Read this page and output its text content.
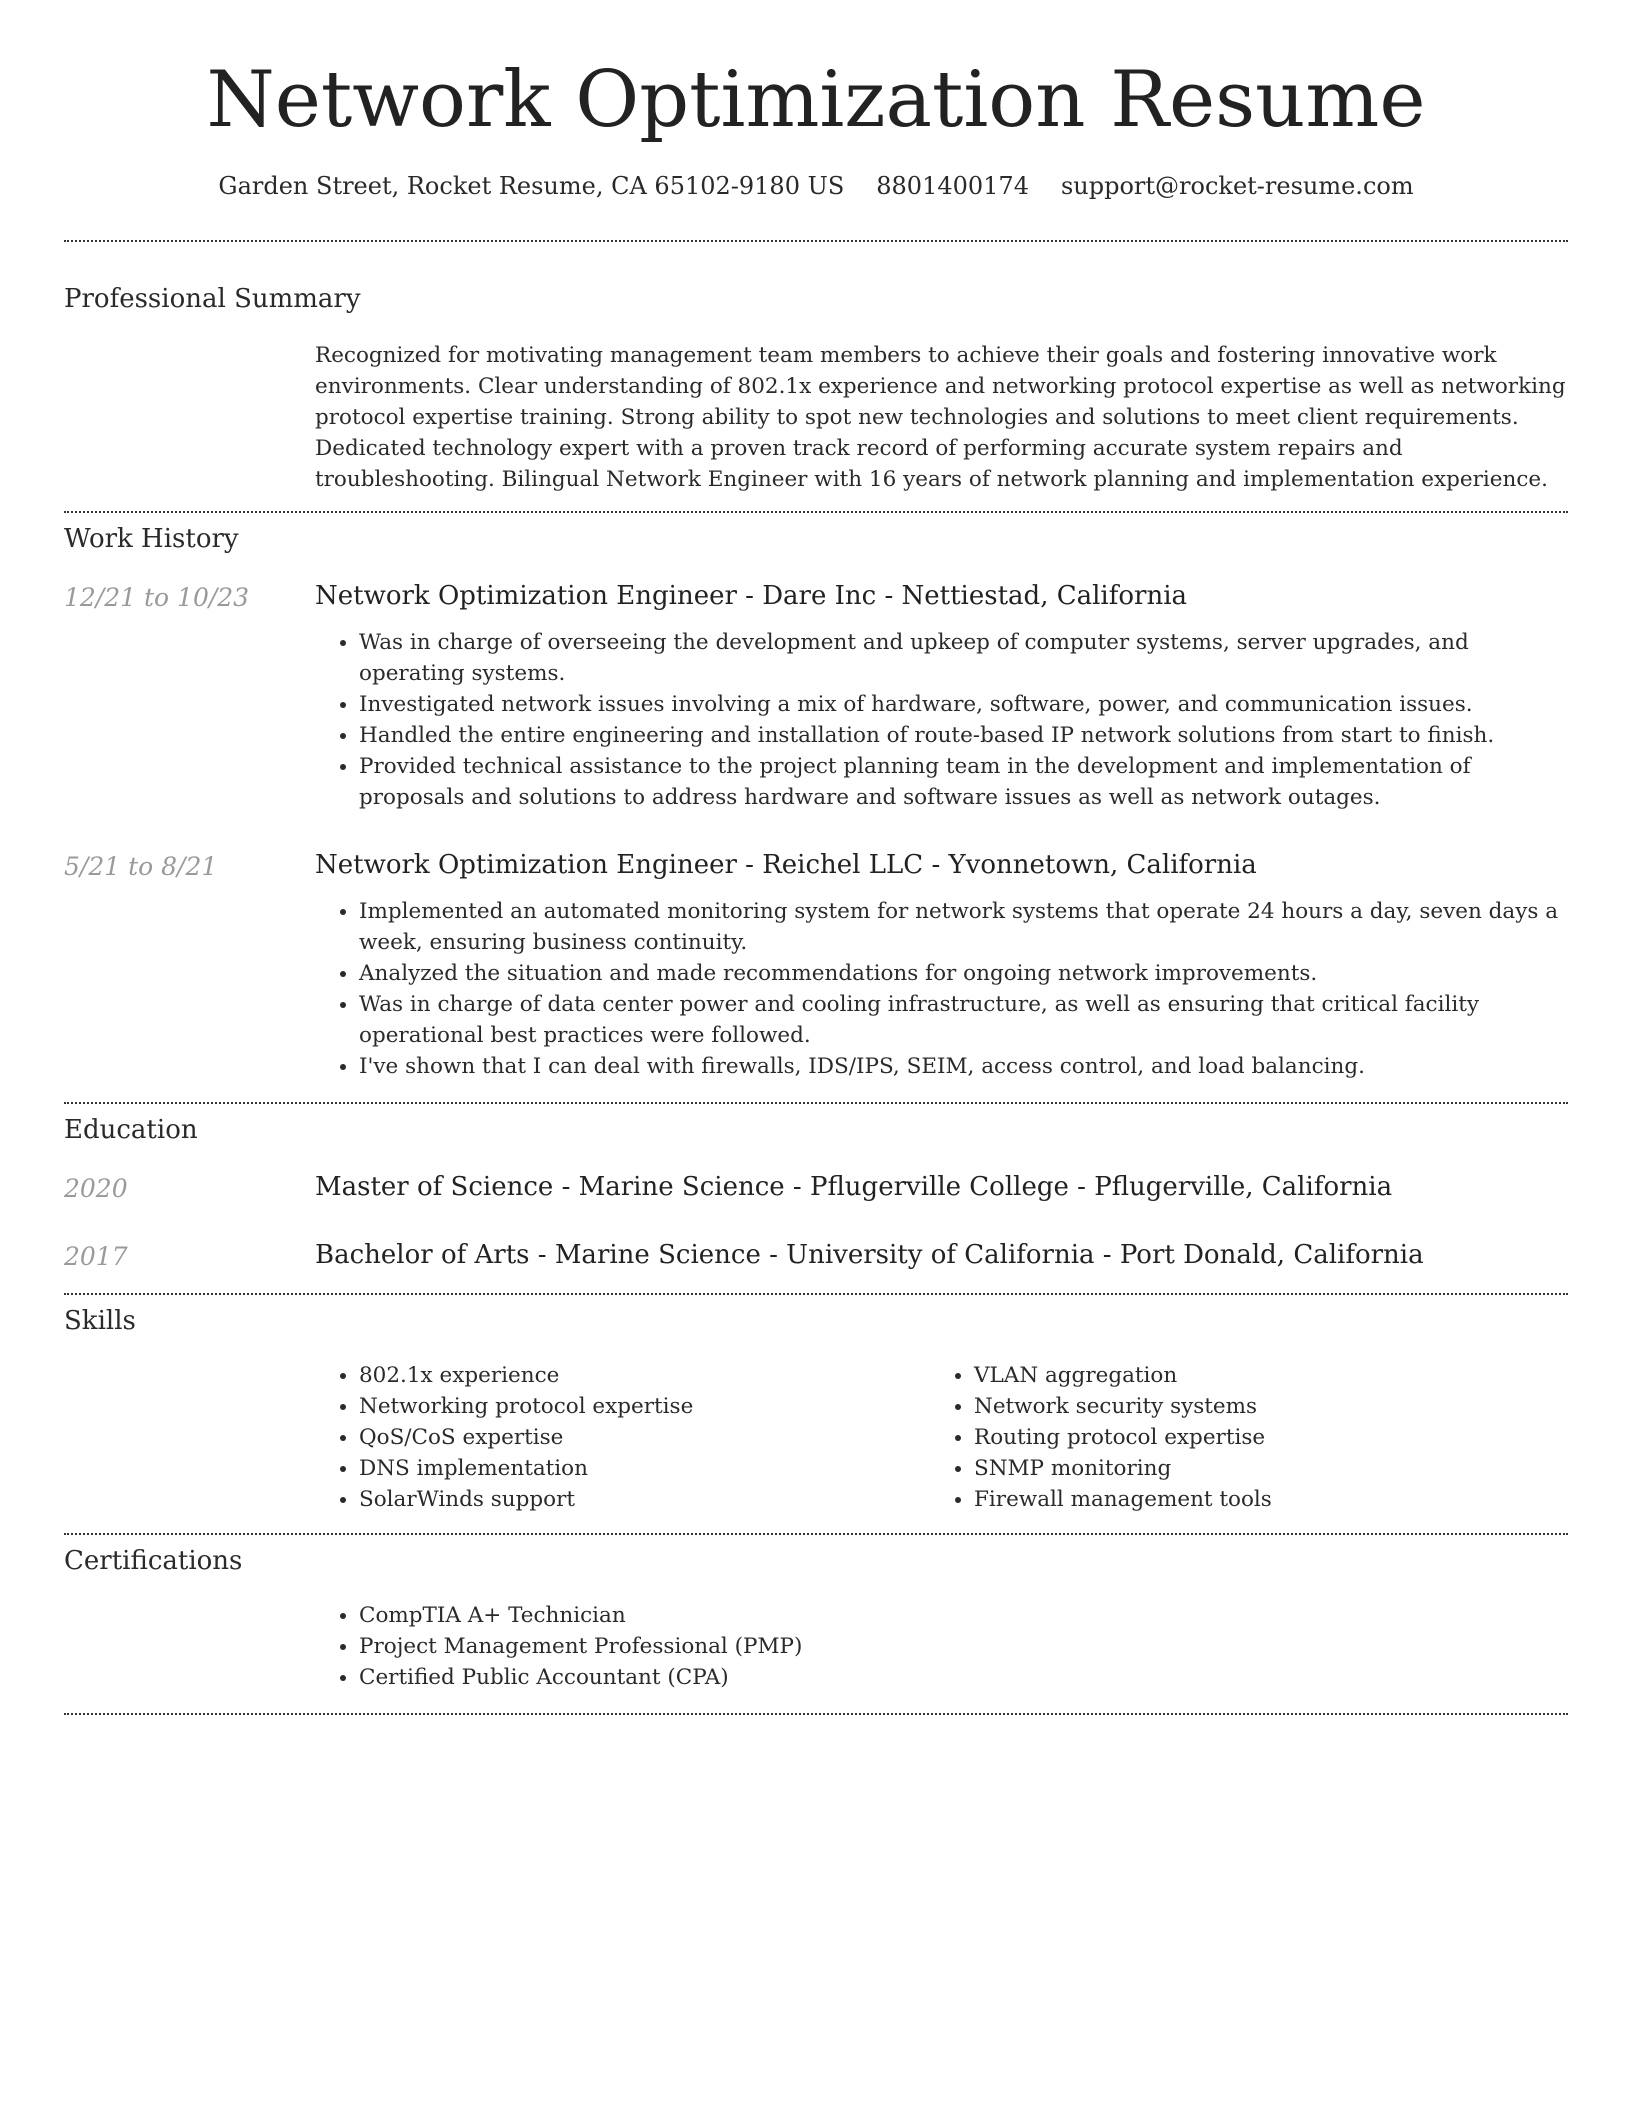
Network Optimization Resume
Garden Street, Rocket Resume, CA 65102-9180 US 8801400174 support@rocket-resume.com
Professional Summary

Recognized for motivating management team members to achieve their goals and fostering innovative work environments. Clear understanding of 802.1x experience and networking protocol expertise as well as networking protocol expertise training. Strong ability to spot new technologies and solutions to meet client requirements. Dedicated technology expert with a proven track record of performing accurate system repairs and troubleshooting. Bilingual Network Engineer with 16 years of network planning and implementation experience.

Work History
12/21 to 10/23	Network Optimization Engineer - Dare Inc - Nettiestad, California
• Was in charge of overseeing the development and upkeep of computer systems, server upgrades, and operating systems.
• Investigated network issues involving a mix of hardware, software, power, and communication issues.
• Handled the entire engineering and installation of route-based IP network solutions from start to finish.
• Provided technical assistance to the project planning team in the development and implementation of proposals and solutions to address hardware and software issues as well as network outages.
5/21 to 8/21	Network Optimization Engineer - Reichel LLC - Yvonnetown, California
• Implemented an automated monitoring system for network systems that operate 24 hours a day, seven days a week, ensuring business continuity.
• Analyzed the situation and made recommendations for ongoing network improvements.
• Was in charge of data center power and cooling infrastructure, as well as ensuring that critical facility operational best practices were followed.
• I've shown that I can deal with firewalls, IDS/IPS, SEIM, access control, and load balancing.
Education
2020	Master of Science - Marine Science - Pflugerville College - Pflugerville, California
2017	Bachelor of Arts - Marine Science - University of California - Port Donald, California
Skills
• 802.1x experience
• Networking protocol expertise
• QoS/CoS expertise
• DNS implementation
• SolarWinds support
• VLAN aggregation
• Network security systems
• Routing protocol expertise
• SNMP monitoring
• Firewall management tools
Certifications
• CompTIA A+ Technician
• Project Management Professional (PMP)
• Certified Public Accountant (CPA)
